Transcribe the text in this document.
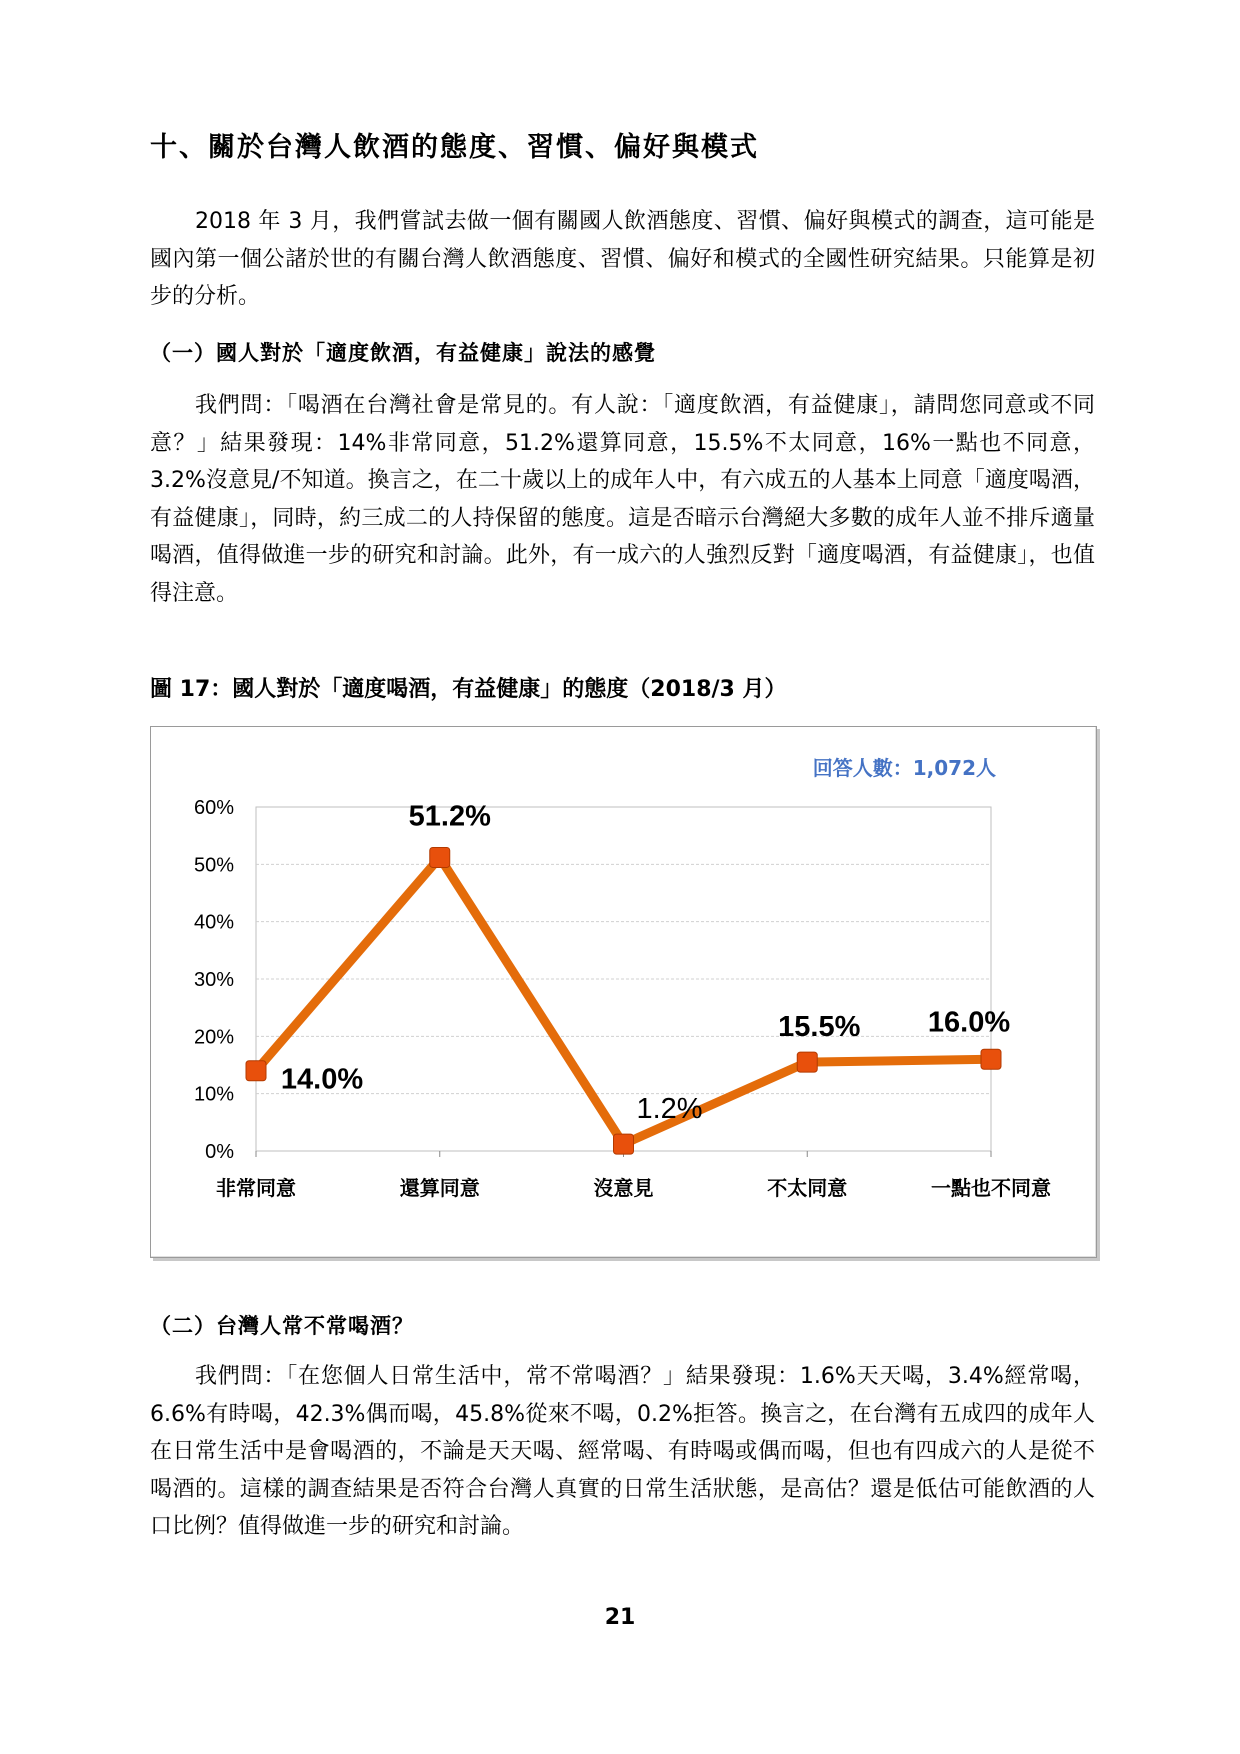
十、關於台灣人飲酒的態度、習慣、偏好與模式

2018 年 3 月，我們嘗試去做一個有關國人飲酒態度、習慣、偏好與模式的調查，這可能是國內第一個公諸於世的有關台灣人飲酒態度、習慣、偏好和模式的全國性研究結果。只能算是初步的分析。

（一）國人對於「適度飲酒，有益健康」說法的感覺

我們問：「喝酒在台灣社會是常見的。有人說：「適度飲酒，有益健康」，請問您同意或不同意？」結果發現：14%非常同意，51.2%還算同意，15.5%不太同意，16%一點也不同意，3.2%沒意見/不知道。換言之，在二十歲以上的成年人中，有六成五的人基本上同意「適度喝酒，有益健康」，同時，約三成二的人持保留的態度。這是否暗示台灣絕大多數的成年人並不排斥適量喝酒，值得做進一步的研究和討論。此外，有一成六的人強烈反對「適度喝酒，有益健康」，也值得注意。

圖 17：國人對於「適度喝酒，有益健康」的態度（2018/3 月）
0%
10%
20%
30%
40%
50%
60%
非常同意	還算同意	沒意見	不太同意	一點也不同意
14.0%
51.2%
1.2%
15.5% 16.0%
回答人數：1,072人
（二）台灣人常不常喝酒？

我們問：「在您個人日常生活中，常不常喝酒？」結果發現：1.6%天天喝，3.4%經常喝，6.6%有時喝，42.3%偶而喝，45.8%從來不喝，0.2%拒答。換言之，在台灣有五成四的成年人在日常生活中是會喝酒的，不論是天天喝、經常喝、有時喝或偶而喝，但也有四成六的人是從不喝酒的。這樣的調查結果是否符合台灣人真實的日常生活狀態，是高估？還是低估可能飲酒的人口比例？值得做進一步的研究和討論。

21
